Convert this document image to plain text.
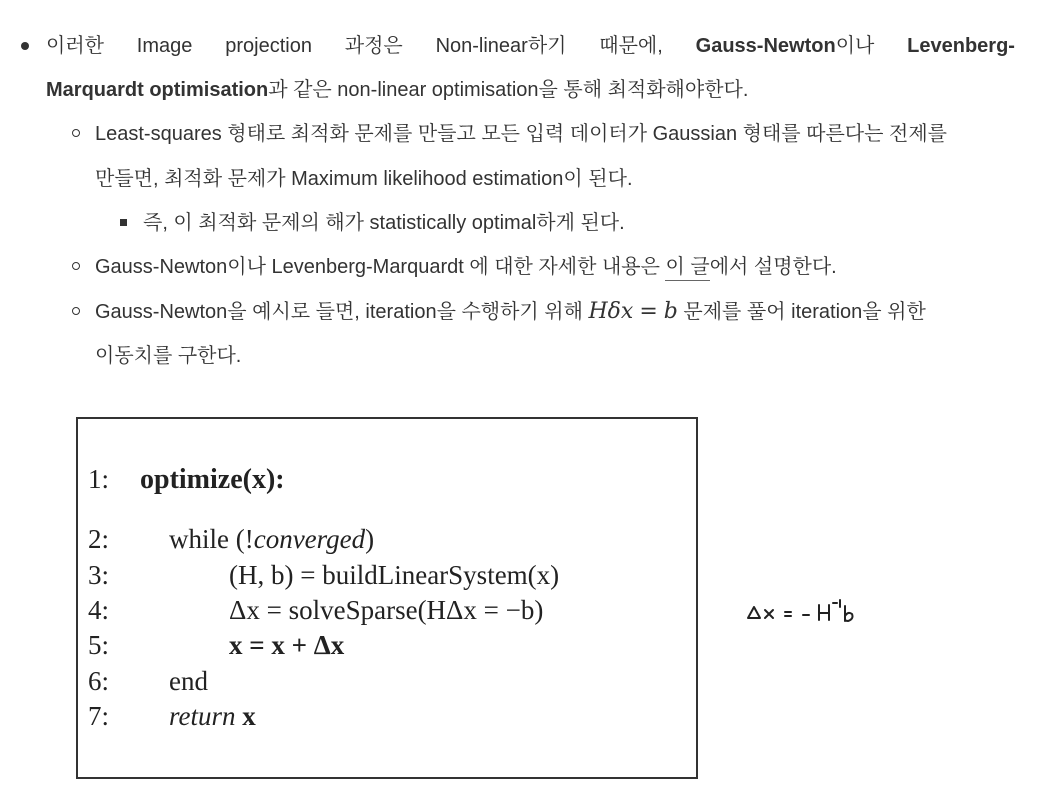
이러한 Image projection 과정은 Non-linear하기 때문에, Gauss-Newton이나 Levenberg-
Marquardt optimisation과 같은 non-linear optimisation을 통해 최적화해야한다.
Least-squares 형태로 최적화 문제를 만들고 모든 입력 데이터가 Gaussian 형태를 따른다는 전제를
만들면, 최적화 문제가 Maximum likelihood estimation이 된다.
즉, 이 최적화 문제의 해가 statistically optimal하게 된다.
Gauss-Newton이나 Levenberg-Marquardt 에 대한 자세한 내용은 이 글에서 설명한다.
Gauss-Newton을 예시로 들면, iteration을 수행하기 위해 Hδx = b 문제를 풀어 iteration을 위한
이동치를 구한다.
1: optimize(x):
2: while (!converged)
3:	(H, b) = buildLinearSystem(x)
4:	Δx = solveSparse(HΔx = −b)
5:	x = x + Δx
6: end
7: return x
